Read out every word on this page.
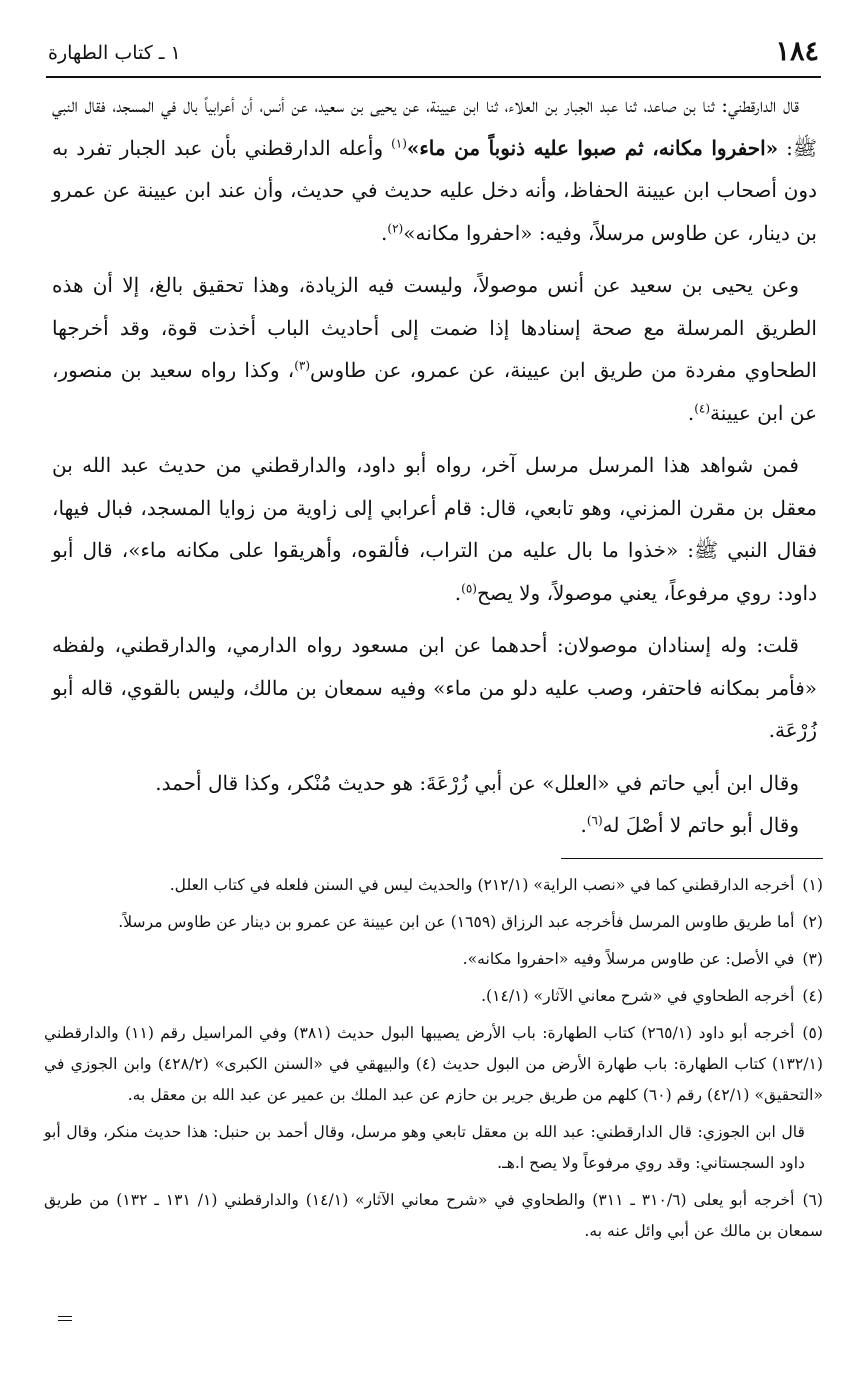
١٨٤
١ ـ كتاب الطهارة

قال الدارقطني: ثنا بن صاعد، ثنا عبد الجبار بن العلاء، ثنا ابن عيينة، عن يحيى بن سعيد، عن أنس، أن أعرابياً بال في المسجد، فقال النبي ﷺ: «احفروا مكانه، ثم صبوا عليه ذنوباً من ماء»$^{(١)}$ وأعله الدارقطني بأن عبد الجبار تفرد به دون أصحاب ابن عيينة الحفاظ، وأنه دخل عليه حديث في حديث، وأن عند ابن عيينة عن عمرو بن دينار، عن طاوس مرسلاً، وفيه: «احفروا مكانه»$^{(٢)}$.

وعن يحيى بن سعيد عن أنس موصولاً، وليست فيه الزيادة، وهذا تحقيق بالغ، إلا أن هذه الطريق المرسلة مع صحة إسنادها إذا ضمت إلى أحاديث الباب أخذت قوة، وقد أخرجها الطحاوي مفردة من طريق ابن عيينة، عن عمرو، عن طاوس$^{(٣)}$، وكذا رواه سعيد بن منصور، عن ابن عيينة$^{(٤)}$.

فمن شواهد هذا المرسل مرسل آخر، رواه أبو داود، والدارقطني من حديث عبد الله بن معقل بن مقرن المزني، وهو تابعي، قال: قام أعرابي إلى زاوية من زوايا المسجد، فبال فيها، فقال النبي ﷺ: «خذوا ما بال عليه من التراب، فألقوه، وأهريقوا على مكانه ماء»، قال أبو داود: روي مرفوعاً، يعني موصولاً، ولا يصح$^{(٥)}$.

قلت: وله إسنادان موصولان: أحدهما عن ابن مسعود رواه الدارمي، والدارقطني، ولفظه «فأمر بمكانه فاحتفر، وصب عليه دلو من ماء» وفيه سمعان بن مالك، وليس بالقوي، قاله أبو زُرْعَة.

وقال ابن أبي حاتم في «العلل» عن أبي زُرْعَةَ: هو حديث مُنْكر، وكذا قال أحمد.

وقال أبو حاتم لا أصْلَ له$^{(٦)}$.

(١)أخرجه الدارقطني كما في «نصب الراية» (٢١٢/١) والحديث ليس في السنن فلعله في كتاب العلل.

(٢)أما طريق طاوس المرسل فأخرجه عبد الرزاق (١٦٥٩) عن ابن عيينة عن عمرو بن دينار عن طاوس مرسلاً.

(٣)في الأصل: عن طاوس مرسلاً وفيه «احفروا مكانه».

(٤)أخرجه الطحاوي في «شرح معاني الآثار» (١٤/١).

(٥)أخرجه أبو داود (٢٦٥/١) كتاب الطهارة: باب الأرض يصيبها البول حديث (٣٨١) وفي المراسيل رقم (١١) والدارقطني (١٣٢/١) كتاب الطهارة: باب طهارة الأرض من البول حديث (٤) والبيهقي في «السنن الكبرى» (٤٢٨/٢) وابن الجوزي في «التحقيق» (٤٢/١) رقم (٦٠) كلهم من طريق جرير بن حازم عن عبد الملك بن عمير عن عبد الله بن معقل به.

قال ابن الجوزي: قال الدارقطني: عبد الله بن معقل تابعي وهو مرسل، وقال أحمد بن حنبل: هذا حديث منكر، وقال أبو داود السجستاني: وقد روي مرفوعاً ولا يصح ا.هـ.

(٦)أخرجه أبو يعلى (٣١٠/٦ ـ ٣١١) والطحاوي في «شرح معاني الآثار» (١٤/١) والدارقطني (١/ ١٣١ ـ ١٣٢) من طريق سمعان بن مالك عن أبي وائل عنه به.
